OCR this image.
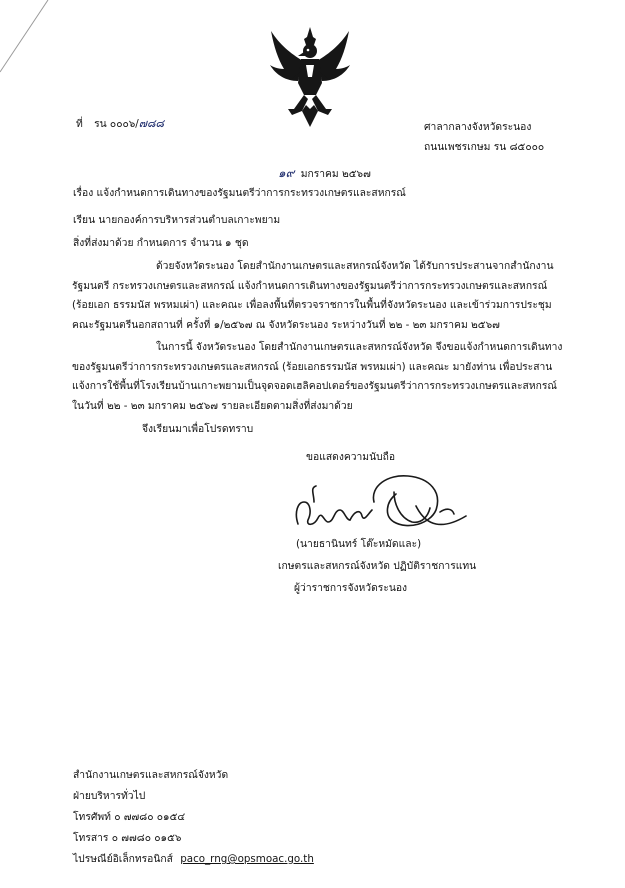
ที่ รน ๐๐๐๖/๗๘๘	ศาลากลางจังหวัดระนอง
ถนนเพชรเกษม รน ๘๕๐๐๐
๑๙ มกราคม ๒๕๖๗
เรื่อง แจ้งกำหนดการเดินทางของรัฐมนตรีว่าการกระทรวงเกษตรและสหกรณ์
เรียน นายกองค์การบริหารส่วนตำบลเกาะพยาม
สิ่งที่ส่งมาด้วย กำหนดการ จำนวน ๑ ชุด
ด้วยจังหวัดระนอง โดยสำนักงานเกษตรและสหกรณ์จังหวัด ได้รับการประสานจากสำนักงาน
รัฐมนตรี กระทรวงเกษตรและสหกรณ์ แจ้งกำหนดการเดินทางของรัฐมนตรีว่าการกระทรวงเกษตรและสหกรณ์
(ร้อยเอก ธรรมนัส พรหมเผ่า) และคณะ เพื่อลงพื้นที่ตรวจราชการในพื้นที่จังหวัดระนอง และเข้าร่วมการประชุม
คณะรัฐมนตรีนอกสถานที่ ครั้งที่ ๑/๒๕๖๗ ณ จังหวัดระนอง ระหว่างวันที่ ๒๒ - ๒๓ มกราคม ๒๕๖๗
ในการนี้ จังหวัดระนอง โดยสำนักงานเกษตรและสหกรณ์จังหวัด จึงขอแจ้งกำหนดการเดินทาง
ของรัฐมนตรีว่าการกระทรวงเกษตรและสหกรณ์ (ร้อยเอกธรรมนัส พรหมเผ่า) และคณะ มายังท่าน เพื่อประสาน
แจ้งการใช้พื้นที่โรงเรียนบ้านเกาะพยามเป็นจุดจอดเฮลิคอปเตอร์ของรัฐมนตรีว่าการกระทรวงเกษตรและสหกรณ์
ในวันที่ ๒๒ - ๒๓ มกราคม ๒๕๖๗ รายละเอียดตามสิ่งที่ส่งมาด้วย
จึงเรียนมาเพื่อโปรดทราบ
ขอแสดงความนับถือ
(นายธานินทร์ โต๊ะหมัดและ)
เกษตรและสหกรณ์จังหวัด ปฏิบัติราชการแทน
ผู้ว่าราชการจังหวัดระนอง
สำนักงานเกษตรและสหกรณ์จังหวัด
ฝ่ายบริหารทั่วไป
โทรศัพท์ ๐ ๗๗๘๐ ๐๑๕๔
โทรสาร ๐ ๗๗๘๐ ๐๑๕๖
ไปรษณีย์อิเล็กทรอนิกส์ paco_rng@opsmoac.go.th
